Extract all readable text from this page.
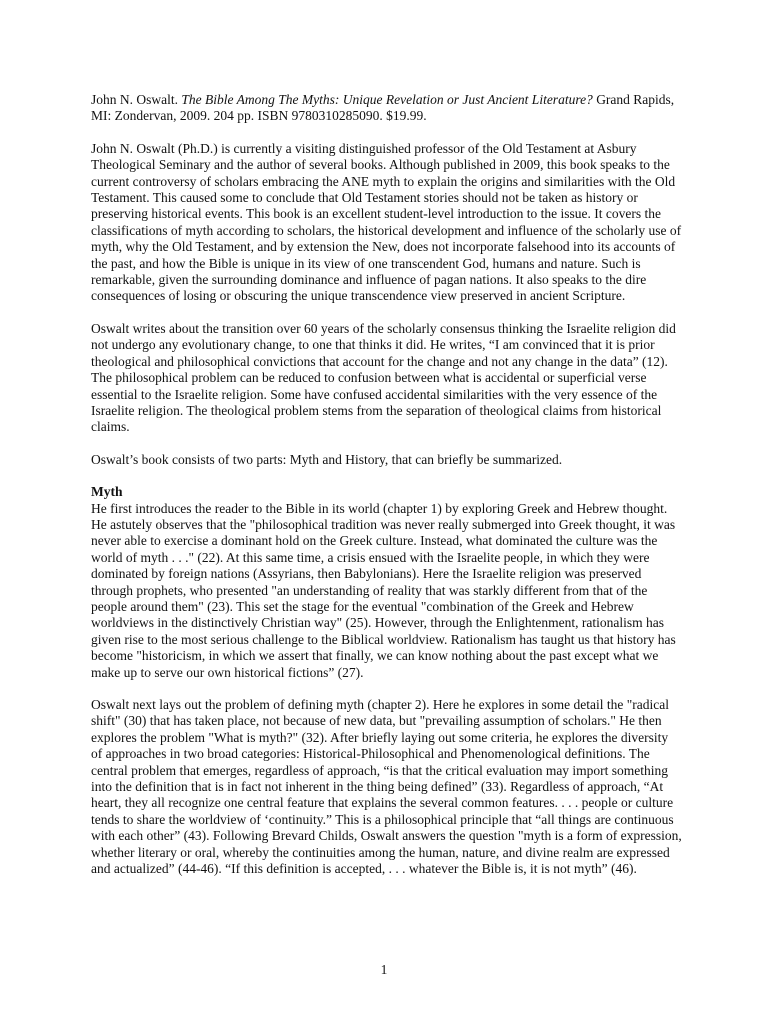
John N. Oswalt. The Bible Among The Myths: Unique Revelation or Just Ancient Literature? Grand Rapids, MI: Zondervan, 2009. 204 pp. ISBN 9780310285090. $19.99.

John N. Oswalt (Ph.D.) is currently a visiting distinguished professor of the Old Testament at Asbury Theological Seminary and the author of several books. Although published in 2009, this book speaks to the current controversy of scholars embracing the ANE myth to explain the origins and similarities with the Old Testament. This caused some to conclude that Old Testament stories should not be taken as history or preserving historical events. This book is an excellent student-level introduction to the issue. It covers the classifications of myth according to scholars, the historical development and influence of the scholarly use of myth, why the Old Testament, and by extension the New, does not incorporate falsehood into its accounts of the past, and how the Bible is unique in its view of one transcendent God, humans and nature. Such is remarkable, given the surrounding dominance and influence of pagan nations. It also speaks to the dire consequences of losing or obscuring the unique transcendence view preserved in ancient Scripture.

Oswalt writes about the transition over 60 years of the scholarly consensus thinking the Israelite religion did not undergo any evolutionary change, to one that thinks it did. He writes, “I am convinced that it is prior theological and philosophical convictions that account for the change and not any change in the data” (12). The philosophical problem can be reduced to confusion between what is accidental or superficial verse essential to the Israelite religion. Some have confused accidental similarities with the very essence of the Israelite religion. The theological problem stems from the separation of theological claims from historical claims.

Oswalt’s book consists of two parts: Myth and History, that can briefly be summarized.

Myth

He first introduces the reader to the Bible in its world (chapter 1) by exploring Greek and Hebrew thought. He astutely observes that the "philosophical tradition was never really submerged into Greek thought, it was never able to exercise a dominant hold on the Greek culture. Instead, what dominated the culture was the world of myth . . ." (22). At this same time, a crisis ensued with the Israelite people, in which they were dominated by foreign nations (Assyrians, then Babylonians). Here the Israelite religion was preserved through prophets, who presented "an understanding of reality that was starkly different from that of the people around them" (23). This set the stage for the eventual "combination of the Greek and Hebrew worldviews in the distinctively Christian way" (25). However, through the Enlightenment, rationalism has given rise to the most serious challenge to the Biblical worldview. Rationalism has taught us that history has become "historicism, in which we assert that finally, we can know nothing about the past except what we make up to serve our own historical fictions” (27).

Oswalt next lays out the problem of defining myth (chapter 2). Here he explores in some detail the "radical shift" (30) that has taken place, not because of new data, but "prevailing assumption of scholars." He then explores the problem "What is myth?" (32). After briefly laying out some criteria, he explores the diversity of approaches in two broad categories: Historical-Philosophical and Phenomenological definitions. The central problem that emerges, regardless of approach, “is that the critical evaluation may import something into the definition that is in fact not inherent in the thing being defined” (33). Regardless of approach, “At heart, they all recognize one central feature that explains the several common features. . . . people or culture tends to share the worldview of ‘continuity.” This is a philosophical principle that “all things are continuous with each other” (43). Following Brevard Childs, Oswalt answers the question "myth is a form of expression, whether literary or oral, whereby the continuities among the human, nature, and divine realm are expressed and actualized” (44-46). “If this definition is accepted, . . . whatever the Bible is, it is not myth” (46).

1
